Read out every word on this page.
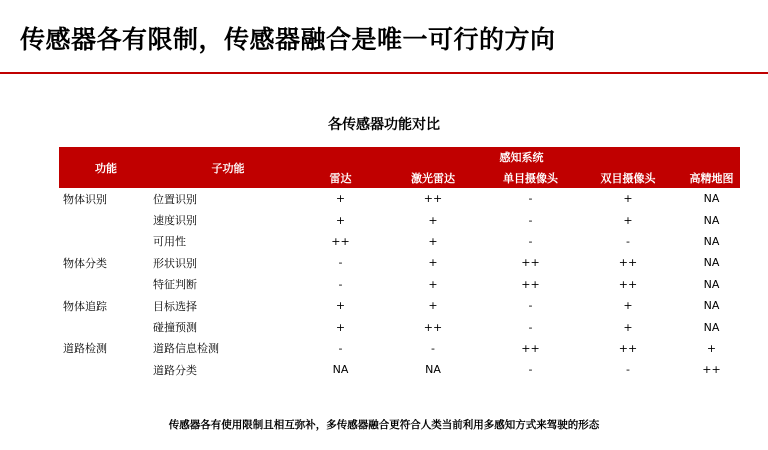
传感器各有限制，传感器融合是唯一可行的方向
各传感器功能对比
功能	子功能	感知系统				
		雷达	激光雷达	单目摄像头	双目摄像头	高精地图
物体识别	位置识别	+	++	-	+	NA
	速度识别	+	+	-	+	NA
	可用性	++	+	-	-	NA
物体分类	形状识别	-	+	++	++	NA
	特征判断	-	+	++	++	NA
物体追踪	目标选择	+	+	-	+	NA
	碰撞预测	+	++	-	+	NA
道路检测	道路信息检测	-	-	++	++	+
	道路分类	NA	NA	-	-	++
传感器各有使用限制且相互弥补，多传感器融合更符合人类当前利用多感知方式来驾驶的形态
